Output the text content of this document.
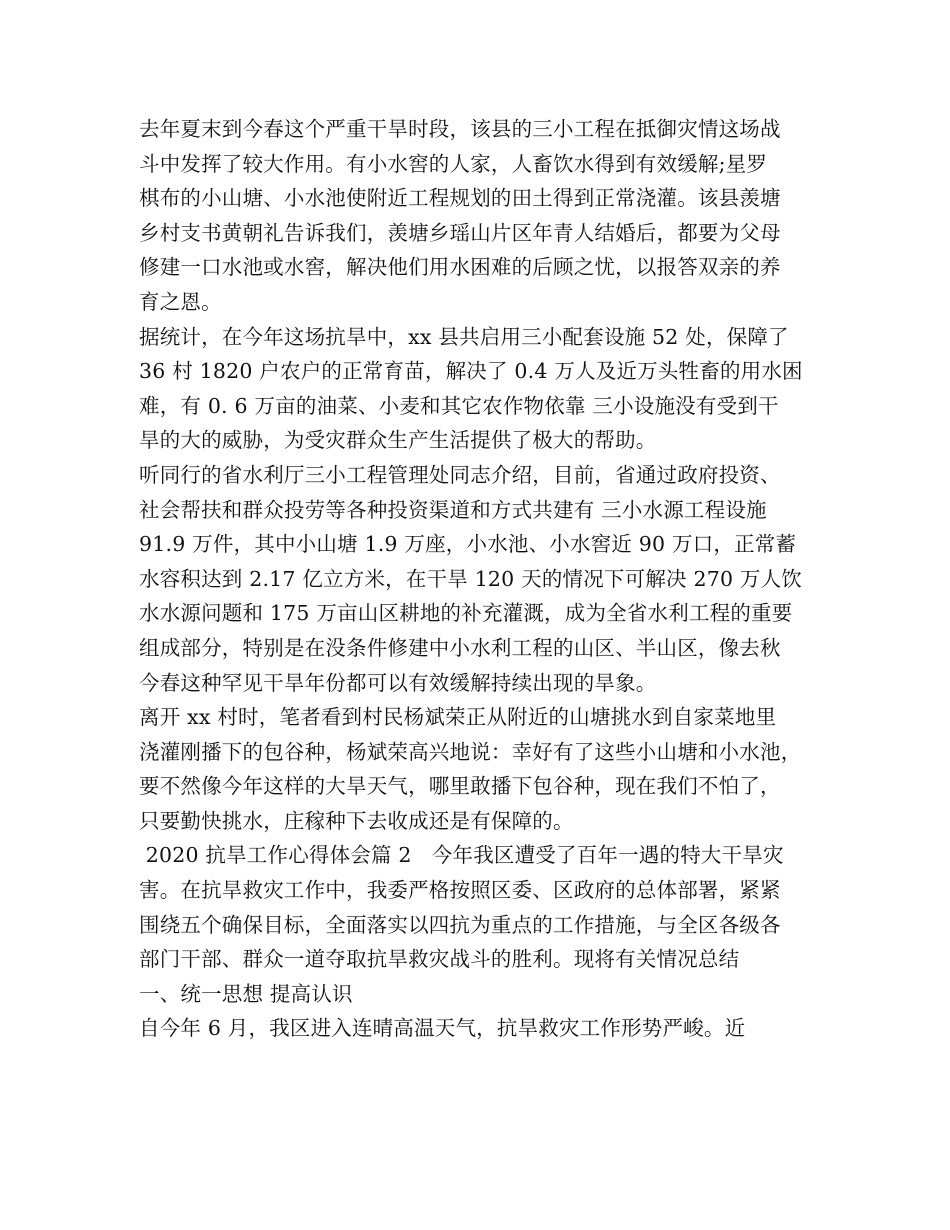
去年夏末到今春这个严重干旱时段，该县的三小工程在抵御灾情这场战
斗中发挥了较大作用。有小水窖的人家，人畜饮水得到有效缓解;星罗
棋布的小山塘、小水池使附近工程规划的田土得到正常浇灌。该县羡塘
乡村支书黄朝礼告诉我们，羡塘乡瑶山片区年青人结婚后，都要为父母
修建一口水池或水窖，解决他们用水困难的后顾之忧，以报答双亲的养
育之恩。
据统计，在今年这场抗旱中，xx 县共启用三小配套设施 52 处，保障了
36 村 1820 户农户的正常育苗，解决了 0.4 万人及近万头牲畜的用水困
难，有 0. 6 万亩的油菜、小麦和其它农作物依靠 三小设施没有受到干
旱的大的威胁，为受灾群众生产生活提供了极大的帮助。
听同行的省水利厅三小工程管理处同志介绍，目前，省通过政府投资、
社会帮扶和群众投劳等各种投资渠道和方式共建有 三小水源工程设施
91.9 万件，其中小山塘 1.9 万座，小水池、小水窖近 90 万口，正常蓄
水容积达到 2.17 亿立方米，在干旱 120 天的情况下可解决 270 万人饮
水水源问题和 175 万亩山区耕地的补充灌溉，成为全省水利工程的重要
组成部分，特别是在没条件修建中小水利工程的山区、半山区，像去秋
今春这种罕见干旱年份都可以有效缓解持续出现的旱象。
离开 xx 村时，笔者看到村民杨斌荣正从附近的山塘挑水到自家菜地里
浇灌刚播下的包谷种，杨斌荣高兴地说：幸好有了这些小山塘和小水池，
要不然像今年这样的大旱天气，哪里敢播下包谷种，现在我们不怕了，
只要勤快挑水，庄稼种下去收成还是有保障的。
2020 抗旱工作心得体会篇 2   今年我区遭受了百年一遇的特大干旱灾
害。在抗旱救灾工作中，我委严格按照区委、区政府的总体部署，紧紧
围绕五个确保目标，全面落实以四抗为重点的工作措施，与全区各级各
部门干部、群众一道夺取抗旱救灾战斗的胜利。现将有关情况总结
一、统一思想 提高认识
自今年 6 月，我区进入连晴高温天气，抗旱救灾工作形势严峻。近
